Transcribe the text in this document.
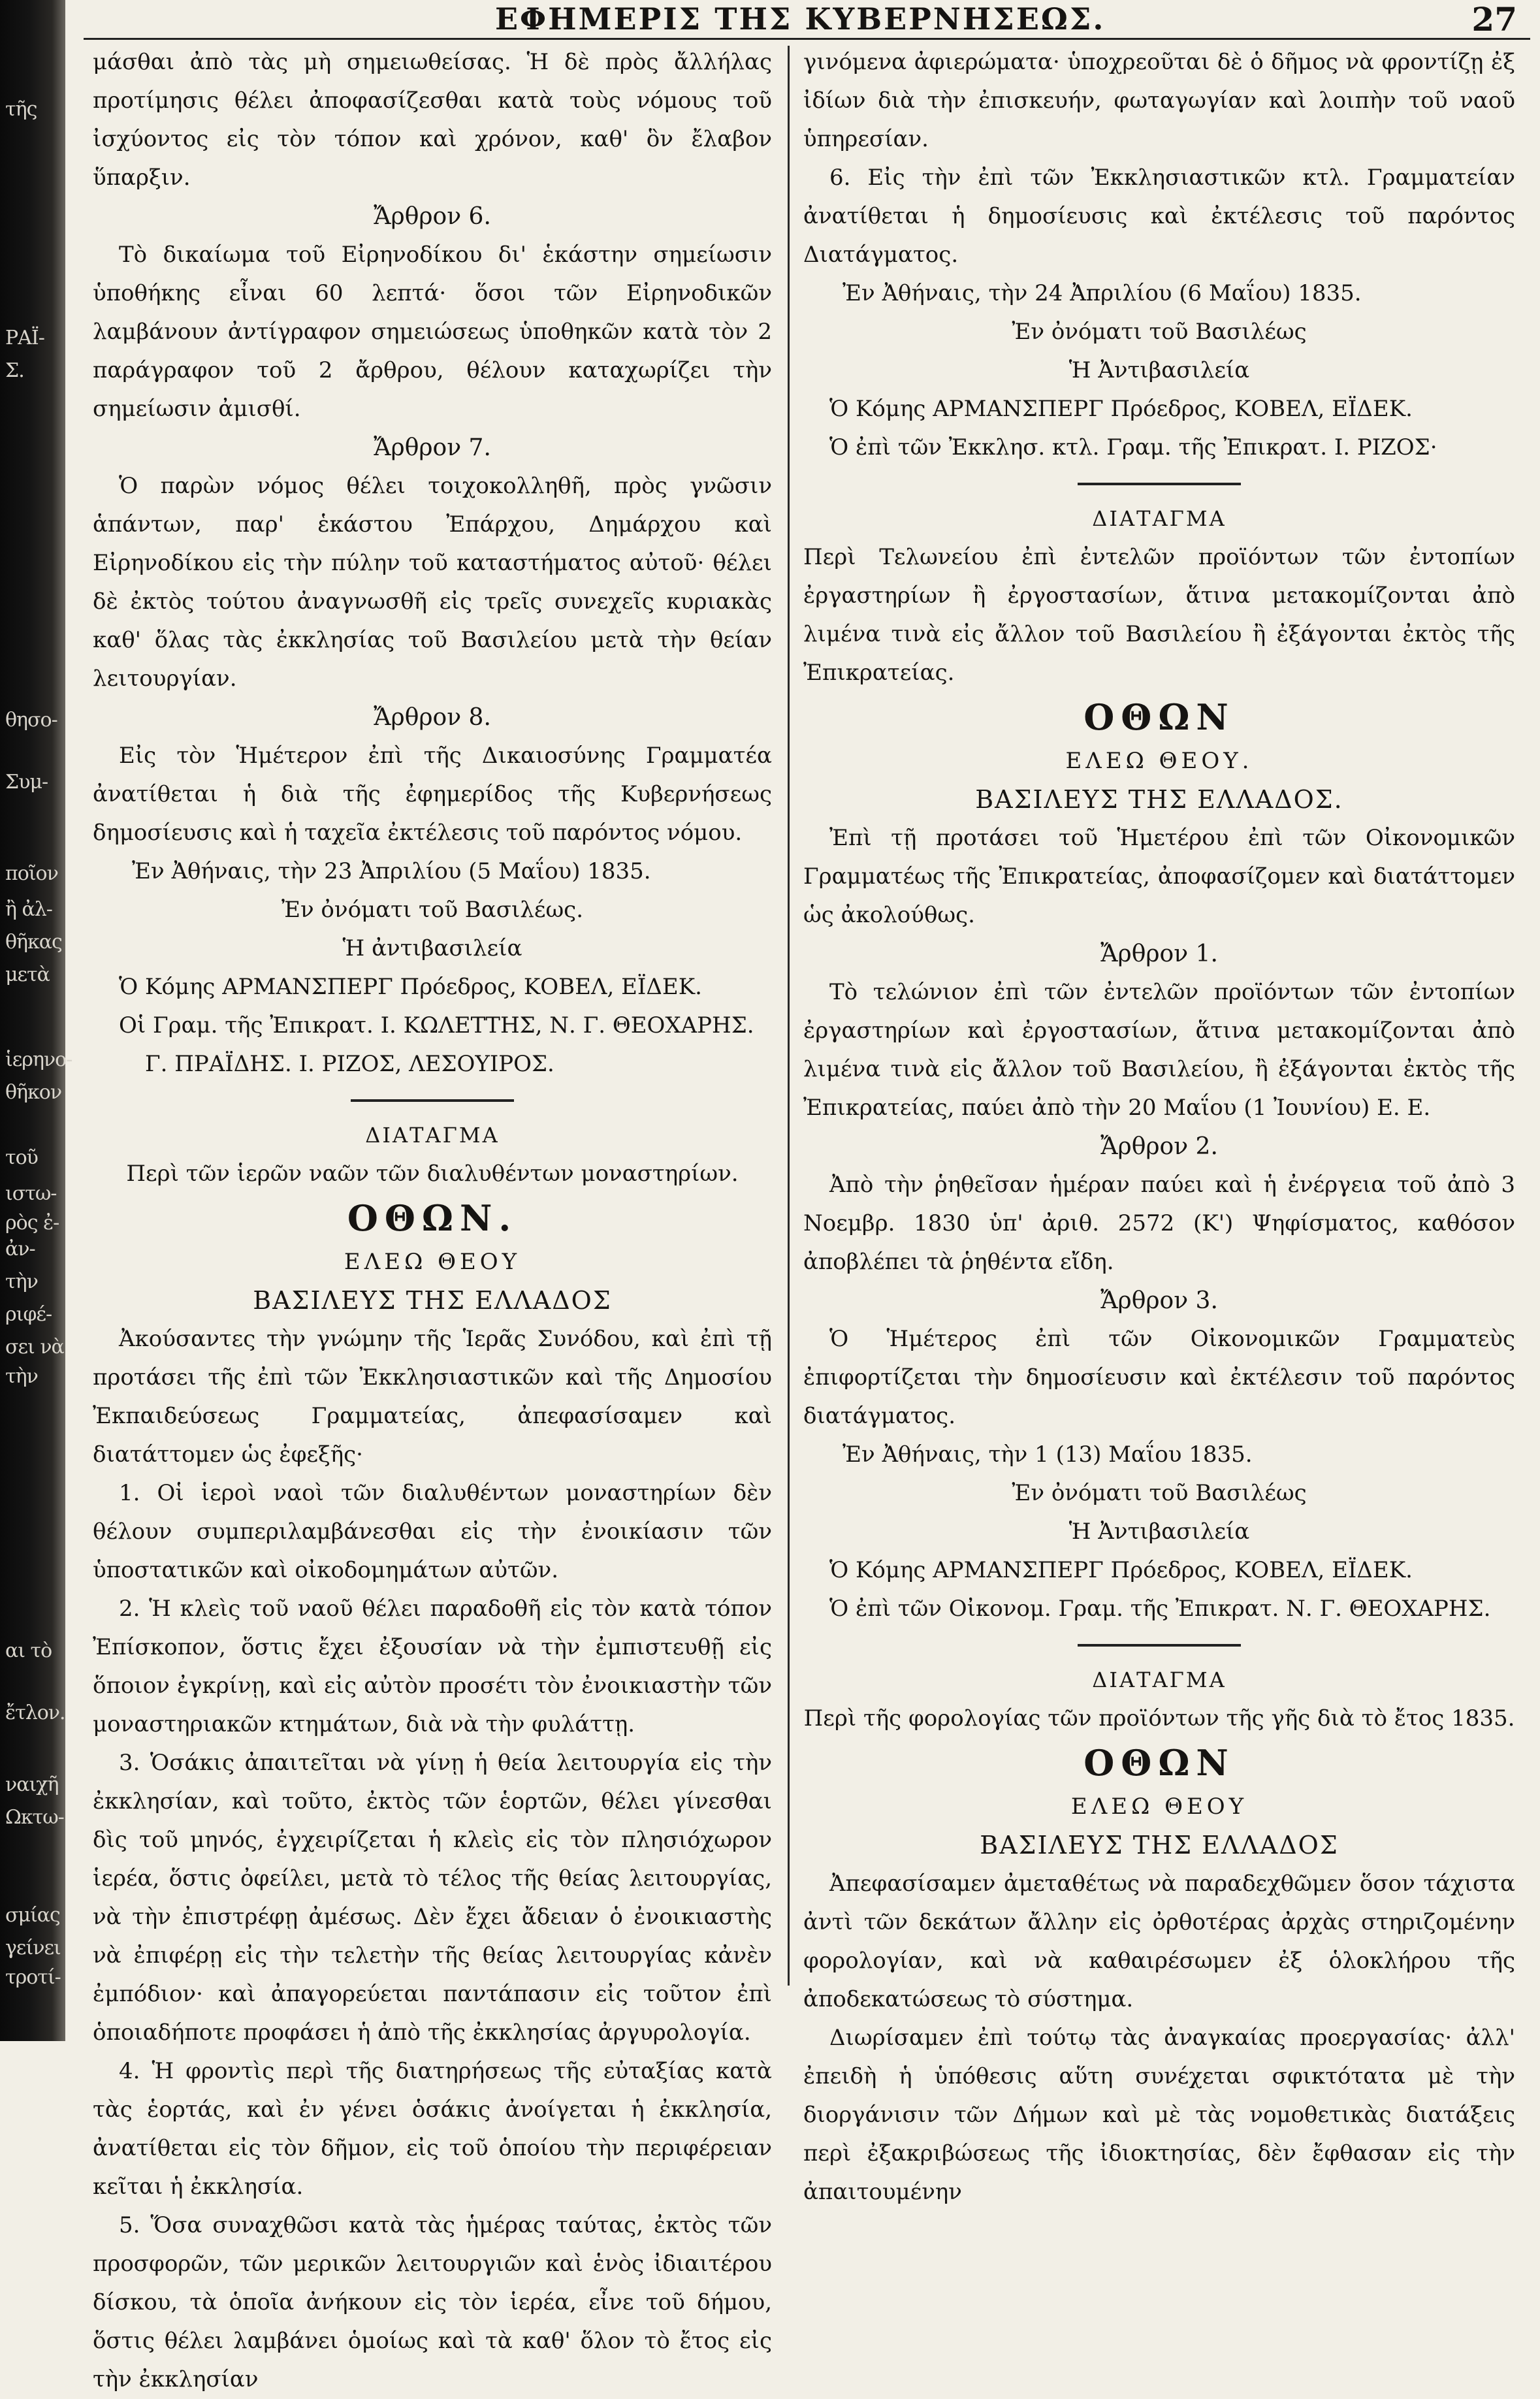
τῆς
ΡΑΪ-
Σ.
θησο-
Συμ-
ποῖον
ἢ ἀλ-
θῆκας
μετὰ
ἱερηνο-
θῆκον
τοῦ
ιστω-
ρὸς ἐ-
ἀν-
τὴν
ριφέ-
σει νὰ
τὴν
αι τὸ
ἔτλον.
ναιχῆ
Ωκτω-
σμίας
γείνει
τροτί-
ΕΦΗΜΕΡΙΣ ΤΗΣ ΚΥΒΕΡΝΗΣΕΩΣ.	27

μάσθαι ἀπὸ τὰς μὴ σημειωθείσας. Ἡ δὲ πρὸς ἄλλήλας προτίμησις θέλει ἀποφασίζεσθαι κατὰ τοὺς νόμους τοῦ ἰσχύοντος εἰς τὸν τόπον καὶ χρόνον, καθ' ὃν ἔλαβον ὕπαρξιν.

Ἄρθρον 6.

Τὸ δικαίωμα τοῦ Εἰρηνοδίκου δι' ἑκάστην σημείωσιν ὑποθήκης εἶναι 60 λεπτά· ὅσοι τῶν Εἰρηνοδικῶν λαμβάνουν ἀντίγραφον σημειώσεως ὑποθηκῶν κατὰ τὸν 2 παράγραφον τοῦ 2 ἄρθρου, θέλουν καταχωρίζει τὴν σημείωσιν ἀμισθί.

Ἄρθρον 7.

Ὁ παρὼν νόμος θέλει τοιχοκολληθῆ, πρὸς γνῶσιν ἁπάντων, παρ' ἑκάστου Ἐπάρχου, Δημάρχου καὶ Εἰρηνοδίκου εἰς τὴν πύλην τοῦ καταστήματος αὐτοῦ· θέλει δὲ ἐκτὸς τούτου ἀναγνωσθῆ εἰς τρεῖς συνεχεῖς κυριακὰς καθ' ὅλας τὰς ἐκκλησίας τοῦ Βασιλείου μετὰ τὴν θείαν λειτουργίαν.

Ἄρθρον 8.

Εἰς τὸν Ἡμέτερον ἐπὶ τῆς Δικαιοσύνης Γραμματέα ἀνατίθεται ἡ διὰ τῆς ἐφημερίδος τῆς Κυβερνήσεως δημοσίευσις καὶ ἡ ταχεῖα ἐκτέλεσις τοῦ παρόντος νόμου.

Ἐν Ἀθήναις, τὴν 23 Ἀπριλίου (5 Μαΐου) 1835.

Ἐν ὀνόματι τοῦ Βασιλέως.

Ἡ ἀντιβασιλεία

Ὁ Κόμης ΑΡΜΑΝΣΠΕΡΓ Πρόεδρος, ΚΟΒΕΛ, ΕΪΔΕΚ.

Οἱ Γραμ. τῆς Ἐπικρατ. Ι. ΚΩΛΕΤΤΗΣ, Ν. Γ. ΘΕΟΧΑΡΗΣ.

Γ. ΠΡΑΪΔΗΣ. Ι. ΡΙΖΟΣ, ΛΕΣΟΥΙΡΟΣ.

ΔΙΑΤΑΓΜΑ

Περὶ τῶν ἱερῶν ναῶν τῶν διαλυθέντων μοναστηρίων.

ΟΘΩΝ.

ΕΛΕΩ ΘΕΟΥ

ΒΑΣΙΛΕΥΣ ΤΗΣ ΕΛΛΑΔΟΣ

Ἀκούσαντες τὴν γνώμην τῆς Ἱερᾶς Συνόδου, καὶ ἐπὶ τῇ προτάσει τῆς ἐπὶ τῶν Ἐκκλησιαστικῶν καὶ τῆς Δημοσίου Ἐκπαιδεύσεως Γραμματείας, ἀπεφασίσαμεν καὶ διατάττομεν ὡς ἐφεξῆς·

1. Οἱ ἱεροὶ ναοὶ τῶν διαλυθέντων μοναστηρίων δὲν θέλουν συμπεριλαμβάνεσθαι εἰς τὴν ἐνοικίασιν τῶν ὑποστατικῶν καὶ οἰκοδομημάτων αὐτῶν.

2. Ἡ κλεὶς τοῦ ναοῦ θέλει παραδοθῆ εἰς τὸν κατὰ τόπον Ἐπίσκοπον, ὅστις ἔχει ἐξουσίαν νὰ τὴν ἐμπιστευθῇ εἰς ὅποιον ἐγκρίνῃ, καὶ εἰς αὐτὸν προσέτι τὸν ἐνοικιαστὴν τῶν μοναστηριακῶν κτημάτων, διὰ νὰ τὴν φυλάττῃ.

3. Ὁσάκις ἀπαιτεῖται νὰ γίνῃ ἡ θεία λειτουργία εἰς τὴν ἐκκλησίαν, καὶ τοῦτο, ἐκτὸς τῶν ἑορτῶν, θέλει γίνεσθαι δὶς τοῦ μηνός, ἐγχειρίζεται ἡ κλεὶς εἰς τὸν πλησιόχωρον ἱερέα, ὅστις ὀφείλει, μετὰ τὸ τέλος τῆς θείας λειτουργίας, νὰ τὴν ἐπιστρέφῃ ἀμέσως. Δὲν ἔχει ἄδειαν ὁ ἐνοικιαστὴς νὰ ἐπιφέρῃ εἰς τὴν τελετὴν τῆς θείας λειτουργίας κἀνὲν ἐμπόδιον· καὶ ἀπαγορεύεται παντάπασιν εἰς τοῦτον ἐπὶ ὁποιαδήποτε προφάσει ἡ ἀπὸ τῆς ἐκκλησίας ἀργυρολογία.

4. Ἡ φροντὶς περὶ τῆς διατηρήσεως τῆς εὐταξίας κατὰ τὰς ἑορτάς, καὶ ἐν γένει ὁσάκις ἀνοίγεται ἡ ἐκκλησία, ἀνατίθεται εἰς τὸν δῆμον, εἰς τοῦ ὁποίου τὴν περιφέρειαν κεῖται ἡ ἐκκλησία.

5. Ὅσα συναχθῶσι κατὰ τὰς ἡμέρας ταύτας, ἐκτὸς τῶν προσφορῶν, τῶν μερικῶν λειτουργιῶν καὶ ἑνὸς ἰδιαιτέρου δίσκου, τὰ ὁποῖα ἀνήκουν εἰς τὸν ἱερέα, εἶνε τοῦ δήμου, ὅστις θέλει λαμβάνει ὁμοίως καὶ τὰ καθ' ὅλον τὸ ἔτος εἰς τὴν ἐκκλησίαν

γινόμενα ἀφιερώματα· ὑποχρεοῦται δὲ ὁ δῆμος νὰ φροντίζῃ ἐξ ἰδίων διὰ τὴν ἐπισκευήν, φωταγωγίαν καὶ λοιπὴν τοῦ ναοῦ ὑπηρεσίαν.

6. Εἰς τὴν ἐπὶ τῶν Ἐκκλησιαστικῶν κτλ. Γραμματείαν ἀνατίθεται ἡ δημοσίευσις καὶ ἐκτέλεσις τοῦ παρόντος Διατάγματος.

Ἐν Ἀθήναις, τὴν 24 Ἀπριλίου (6 Μαΐου) 1835.

Ἐν ὀνόματι τοῦ Βασιλέως

Ἡ Ἀντιβασιλεία

Ὁ Κόμης ΑΡΜΑΝΣΠΕΡΓ Πρόεδρος, ΚΟΒΕΛ, ΕΪΔΕΚ.

Ὁ ἐπὶ τῶν Ἐκκλησ. κτλ. Γραμ. τῆς Ἐπικρατ. Ι. ΡΙΖΟΣ·

ΔΙΑΤΑΓΜΑ

Περὶ Τελωνείου ἐπὶ ἐντελῶν προϊόντων τῶν ἐντοπίων ἐργαστηρίων ἢ ἐργοστασίων, ἅτινα μετακομίζονται ἀπὸ λιμένα τινὰ εἰς ἄλλον τοῦ Βασιλείου ἢ ἐξάγονται ἐκτὸς τῆς Ἐπικρατείας.

ΟΘΩΝ

ΕΛΕΩ ΘΕΟΥ.

ΒΑΣΙΛΕΥΣ ΤΗΣ ΕΛΛΑΔΟΣ.

Ἐπὶ τῇ προτάσει τοῦ Ἡμετέρου ἐπὶ τῶν Οἰκονομικῶν Γραμματέως τῆς Ἐπικρατείας, ἀποφασίζομεν καὶ διατάττομεν ὡς ἀκολούθως.

Ἄρθρον 1.

Τὸ τελώνιον ἐπὶ τῶν ἐντελῶν προϊόντων τῶν ἐντοπίων ἐργαστηρίων καὶ ἐργοστασίων, ἅτινα μετακομίζονται ἀπὸ λιμένα τινὰ εἰς ἄλλον τοῦ Βασιλείου, ἢ ἐξάγονται ἐκτὸς τῆς Ἐπικρατείας, παύει ἀπὸ τὴν 20 Μαΐου (1 Ἰουνίου) Ε. Ε.

Ἄρθρον 2.

Ἀπὸ τὴν ῥηθεῖσαν ἡμέραν παύει καὶ ἡ ἐνέργεια τοῦ ἀπὸ 3 Νοεμβρ. 1830 ὑπ' ἀριθ. 2572 (Κ') Ψηφίσματος, καθόσον ἀποβλέπει τὰ ῥηθέντα εἴδη.

Ἄρθρον 3.

Ὁ Ἡμέτερος ἐπὶ τῶν Οἰκονομικῶν Γραμματεὺς ἐπιφορτίζεται τὴν δημοσίευσιν καὶ ἐκτέλεσιν τοῦ παρόντος διατάγματος.

Ἐν Ἀθήναις, τὴν 1 (13) Μαΐου 1835.

Ἐν ὀνόματι τοῦ Βασιλέως

Ἡ Ἀντιβασιλεία

Ὁ Κόμης ΑΡΜΑΝΣΠΕΡΓ Πρόεδρος, ΚΟΒΕΛ, ΕΪΔΕΚ.

Ὁ ἐπὶ τῶν Οἰκονομ. Γραμ. τῆς Ἐπικρατ. Ν. Γ. ΘΕΟΧΑΡΗΣ.

ΔΙΑΤΑΓΜΑ

Περὶ τῆς φορολογίας τῶν προϊόντων τῆς γῆς διὰ τὸ ἔτος 1835.

ΟΘΩΝ

ΕΛΕΩ ΘΕΟΥ

ΒΑΣΙΛΕΥΣ ΤΗΣ ΕΛΛΑΔΟΣ

Ἀπεφασίσαμεν ἀμεταθέτως νὰ παραδεχθῶμεν ὅσον τάχιστα ἀντὶ τῶν δεκάτων ἄλλην εἰς ὀρθοτέρας ἀρχὰς στηριζομένην φορολογίαν, καὶ νὰ καθαιρέσωμεν ἐξ ὁλοκλήρου τῆς ἀποδεκατώσεως τὸ σύστημα.

Διωρίσαμεν ἐπὶ τούτῳ τὰς ἀναγκαίας προεργασίας· ἀλλ' ἐπειδὴ ἡ ὑπόθεσις αὕτη συνέχεται σφικτότατα μὲ τὴν διοργάνισιν τῶν Δήμων καὶ μὲ τὰς νομοθετικὰς διατάξεις περὶ ἐξακριβώσεως τῆς ἰδιοκτησίας, δὲν ἔφθασαν εἰς τὴν ἀπαιτουμένην
